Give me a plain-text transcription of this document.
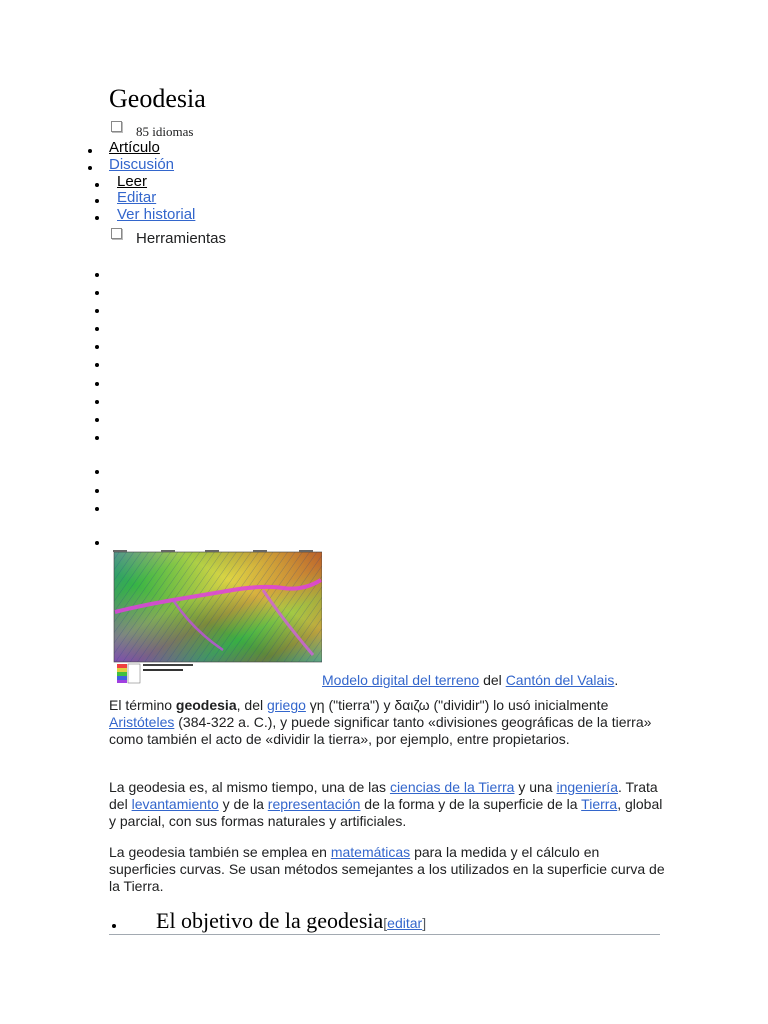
Geodesia
85 idiomas
Artículo
Discusión
Leer
Editar
Ver historial
Herramientas
Modelo digital del terreno del Cantón del Valais.

El término geodesia, del griego γη ("tierra") y δαιζω ("dividir") lo usó inicialmente Aristóteles (384-322 a. C.), y puede significar tanto «divisiones geográficas de la tierra» como también el acto de «dividir la tierra», por ejemplo, entre propietarios.

La geodesia es, al mismo tiempo, una de las ciencias de la Tierra y una ingeniería. Trata del levantamiento y de la representación de la forma y de la superficie de la Tierra, global y parcial, con sus formas naturales y artificiales.

La geodesia también se emplea en matemáticas para la medida y el cálculo en superficies curvas. Se usan métodos semejantes a los utilizados en la superficie curva de la Tierra.

El objetivo de la geodesia[editar]
